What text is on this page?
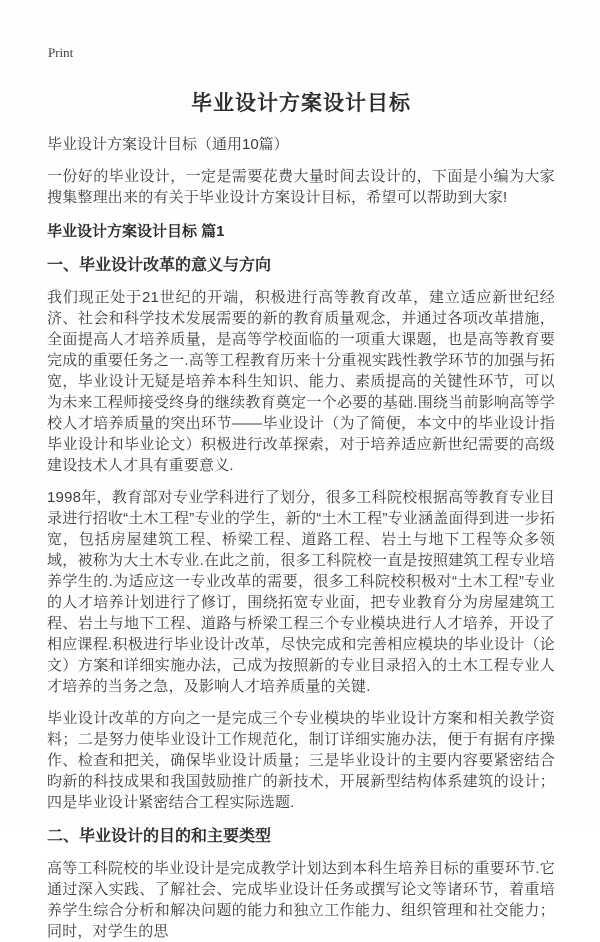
Print
毕业设计方案设计目标

毕业设计方案设计目标（通用10篇）

一份好的毕业设计，一定是需要花费大量时间去设计的，下面是小编为大家搜集整理出来的有关于毕业设计方案设计目标，希望可以帮助到大家!

毕业设计方案设计目标 篇1
一、毕业设计改革的意义与方向

我们现正处于21世纪的开端，积极进行高等教育改革，建立适应新世纪经济、社会和科学技术发展需要的新的教育质量观念，并通过各项改革措施，全面提高人才培养质量，是高等学校面临的一项重大课题，也是高等教育要完成的重要任务之一.高等工程教育历来十分重视实践性教学环节的加强与拓宽，毕业设计无疑是培养本科生知识、能力、素质提高的关键性环节，可以为未来工程师接受终身的继续教育奠定一个必要的基础.围绕当前影响高等学校人才培养质量的突出环节——毕业设计（为了简便，本文中的毕业设计指毕业设计和毕业论文）积极进行改革探索，对于培养适应新世纪需要的高级建设技术人才具有重要意义.

1998年，教育部对专业学科进行了划分，很多工科院校根据高等教育专业目录进行招收“土木工程”专业的学生，新的“土木工程”专业涵盖面得到进一步拓宽，包括房屋建筑工程、桥梁工程、道路工程、岩土与地下工程等众多领域，被称为大土木专业.在此之前，很多工科院校一直是按照建筑工程专业培养学生的.为适应这一专业改革的需要，很多工科院校积极对“土木工程”专业的人才培养计划进行了修订，围绕拓宽专业面，把专业教育分为房屋建筑工程、岩土与地下工程、道路与桥梁工程三个专业模块进行人才培养，开设了相应课程.积极进行毕业设计改革，尽快完成和完善相应模块的毕业设计（论文）方案和详细实施办法，己成为按照新的专业目录招入的土木工程专业人才培养的当务之急，及影响人才培养质量的关键.

毕业设计改革的方向之一是完成三个专业模块的毕业设计方案和相关教学资料；二是努力使毕业设计工作规范化，制订详细实施办法，便于有据有序操作、检查和把关，确保毕业设计质量；三是毕业设计的主要内容要紧密结合昀新的科技成果和我国鼓励推广的新技术，开展新型结构体系建筑的设计；四是毕业设计紧密结合工程实际选题.

二、毕业设计的目的和主要类型

高等工科院校的毕业设计是完成教学计划达到本科生培养目标的重要环节.它通过深入实践、了解社会、完成毕业设计任务或撰写论文等诸环节，着重培养学生综合分析和解决问题的能力和独立工作能力、组织管理和社交能力；同时，对学生的思
